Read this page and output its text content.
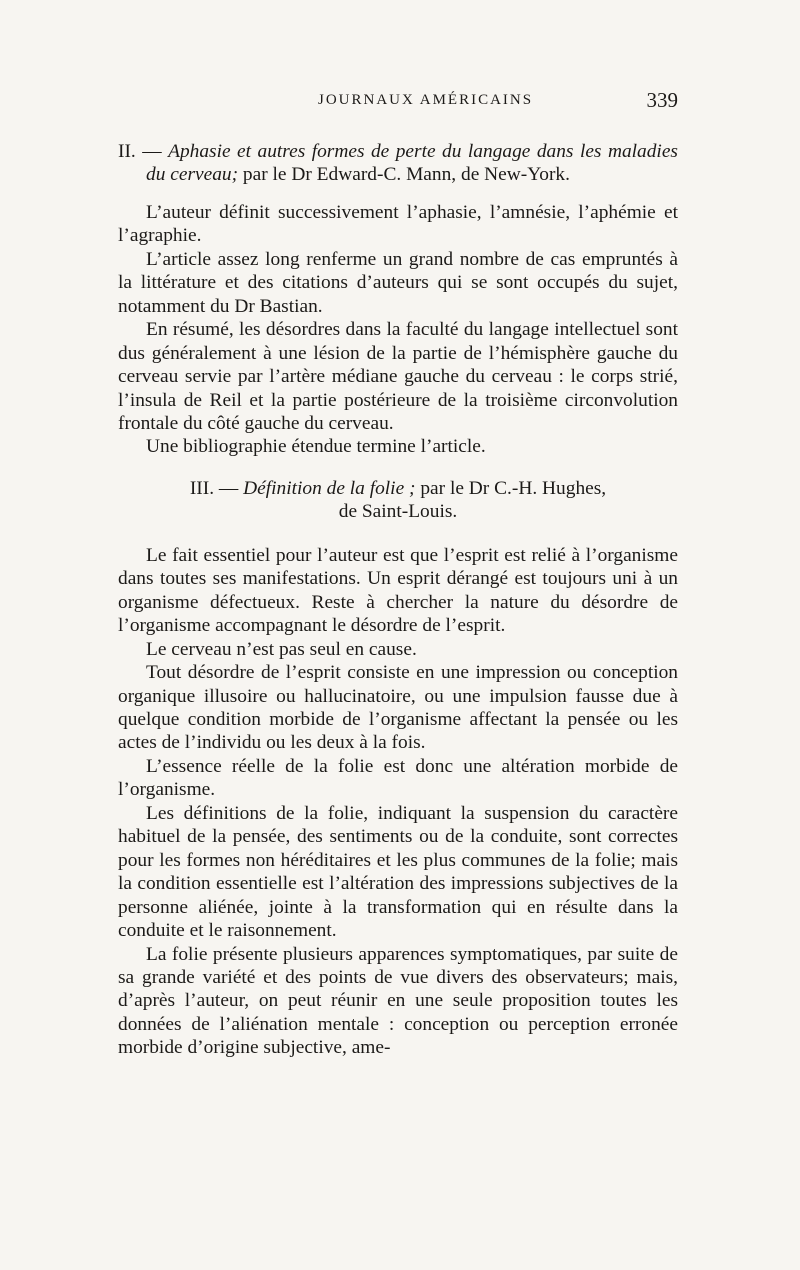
JOURNAUX AMÉRICAINS	339

II. — Aphasie et autres formes de perte du langage dans les maladies du cerveau; par le Dr Edward-C. Mann, de New-York.

L’auteur définit successivement l’aphasie, l’amnésie, l’aphémie et l’agraphie.

L’article assez long renferme un grand nombre de cas empruntés à la littérature et des citations d’auteurs qui se sont occupés du sujet, notamment du Dr Bastian.

En résumé, les désordres dans la faculté du langage intellectuel sont dus généralement à une lésion de la partie de l’hémisphère gauche du cerveau servie par l’artère médiane gauche du cerveau : le corps strié, l’insula de Reil et la partie postérieure de la troisième circonvolution frontale du côté gauche du cerveau.

Une bibliographie étendue termine l’article.

III. — Définition de la folie ; par le Dr C.-H. Hughes,
de Saint-Louis.

Le fait essentiel pour l’auteur est que l’esprit est relié à l’organisme dans toutes ses manifestations. Un esprit dérangé est toujours uni à un organisme défectueux. Reste à chercher la nature du désordre de l’organisme accompagnant le désordre de l’esprit.

Le cerveau n’est pas seul en cause.

Tout désordre de l’esprit consiste en une impression ou conception organique illusoire ou hallucinatoire, ou une impulsion fausse due à quelque condition morbide de l’organisme affectant la pensée ou les actes de l’individu ou les deux à la fois.

L’essence réelle de la folie est donc une altération morbide de l’organisme.

Les définitions de la folie, indiquant la suspension du caractère habituel de la pensée, des sentiments ou de la conduite, sont correctes pour les formes non héréditaires et les plus communes de la folie; mais la condition essentielle est l’altération des impressions subjectives de la personne aliénée, jointe à la transformation qui en résulte dans la conduite et le raisonnement.

La folie présente plusieurs apparences symptomatiques, par suite de sa grande variété et des points de vue divers des observateurs; mais, d’après l’auteur, on peut réunir en une seule proposition toutes les données de l’aliénation mentale : conception ou perception erronée morbide d’origine subjective, ame-
